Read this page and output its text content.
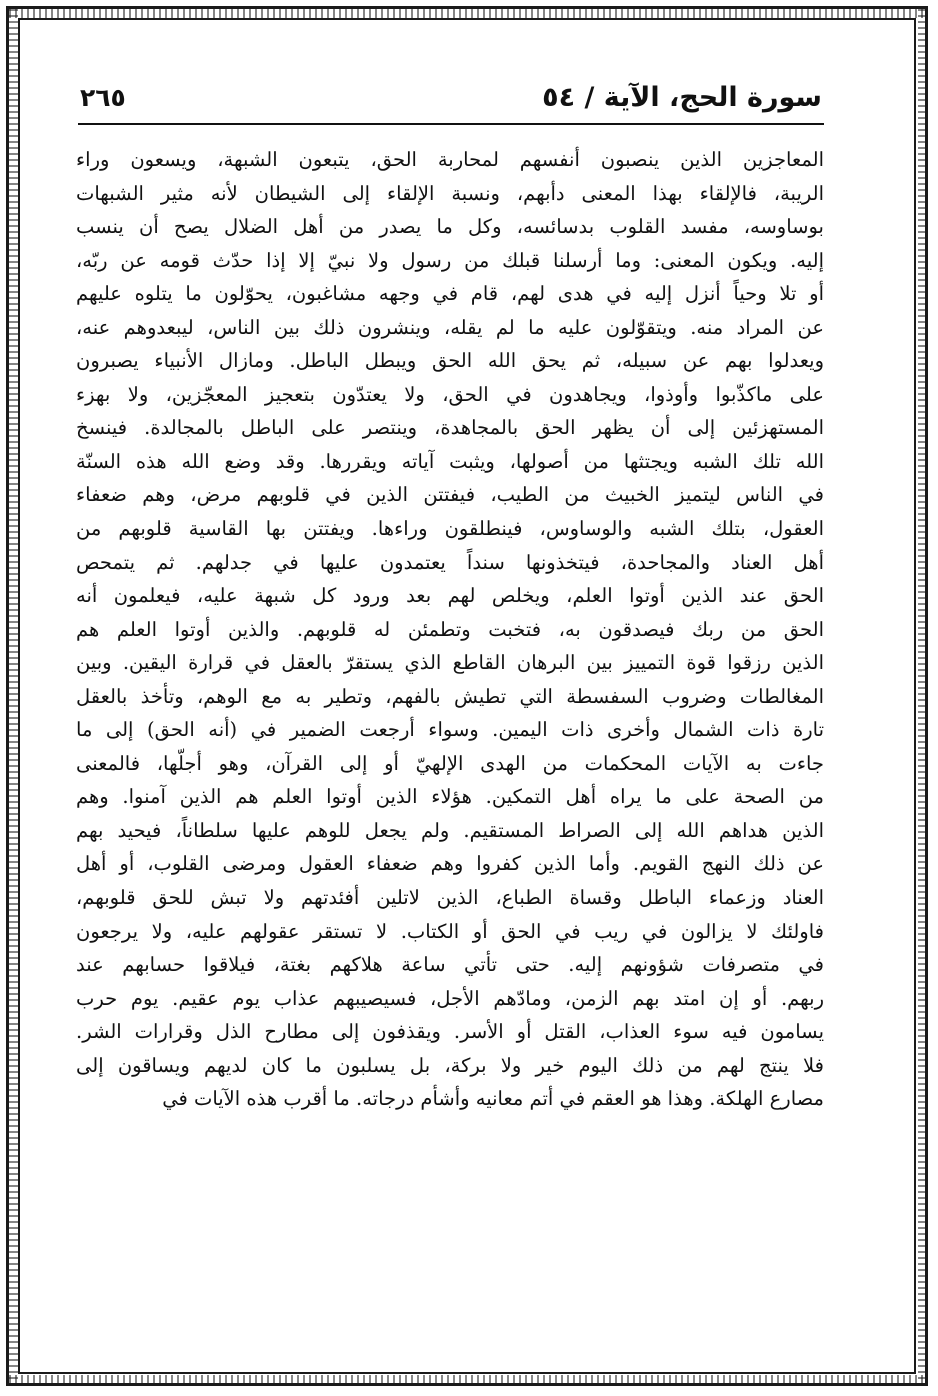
سورة الحج، الآية / ٥٤
٢٦٥
المعاجزين الذين ينصبون أنفسهم لمحاربة الحق، يتبعون الشبهة، ويسعون وراء
الريبة، فالإلقاء بهذا المعنى دأبهم، ونسبة الإلقاء إلى الشيطان لأنه مثير الشبهات
بوساوسه، مفسد القلوب بدسائسه، وكل ما يصدر من أهل الضلال يصح أن ينسب
إليه. ويكون المعنى: وما أرسلنا قبلك من رسول ولا نبيّ إلا إذا حدّث قومه عن ربّه،
أو تلا وحياً أنزل إليه في هدى لهم، قام في وجهه مشاغبون، يحوّلون ما يتلوه عليهم
عن المراد منه. ويتقوّلون عليه ما لم يقله، وينشرون ذلك بين الناس، ليبعدوهم عنه،
ويعدلوا بهم عن سبيله، ثم يحق الله الحق ويبطل الباطل. ومازال الأنبياء يصبرون
على ماكذّبوا وأوذوا، ويجاهدون في الحق، ولا يعتدّون بتعجيز المعجّزين، ولا بهزء
المستهزئين إلى أن يظهر الحق بالمجاهدة، وينتصر على الباطل بالمجالدة. فينسخ
الله تلك الشبه ويجتثها من أصولها، ويثبت آياته ويقررها. وقد وضع الله هذه السنّة
في الناس ليتميز الخبيث من الطيب، فيفتتن الذين في قلوبهم مرض، وهم ضعفاء
العقول، بتلك الشبه والوساوس، فينطلقون وراءها. ويفتتن بها القاسية قلوبهم من
أهل العناد والمجاحدة، فيتخذونها سنداً يعتمدون عليها في جدلهم. ثم يتمحص
الحق عند الذين أوتوا العلم، ويخلص لهم بعد ورود كل شبهة عليه، فيعلمون أنه
الحق من ربك فيصدقون به، فتخبت وتطمئن له قلوبهم. والذين أوتوا العلم هم
الذين رزقوا قوة التمييز بين البرهان القاطع الذي يستقرّ بالعقل في قرارة اليقين. وبين
المغالطات وضروب السفسطة التي تطيش بالفهم، وتطير به مع الوهم، وتأخذ بالعقل
تارة ذات الشمال وأخرى ذات اليمين. وسواء أرجعت الضمير في (أنه الحق) إلى ما
جاءت به الآيات المحكمات من الهدى الإلهيّ أو إلى القرآن، وهو أجلّها، فالمعنى
من الصحة على ما يراه أهل التمكين. هؤلاء الذين أوتوا العلم هم الذين آمنوا. وهم
الذين هداهم الله إلى الصراط المستقيم. ولم يجعل للوهم عليها سلطاناً، فيحيد بهم
عن ذلك النهج القويم. وأما الذين كفروا وهم ضعفاء العقول ومرضى القلوب، أو أهل
العناد وزعماء الباطل وقساة الطباع، الذين لاتلين أفئدتهم ولا تبش للحق قلوبهم،
فاولئك لا يزالون في ريب في الحق أو الكتاب. لا تستقر عقولهم عليه، ولا يرجعون
في متصرفات شؤونهم إليه. حتى تأتي ساعة هلاكهم بغتة، فيلاقوا حسابهم عند
ربهم. أو إن امتد بهم الزمن، ومادّهم الأجل، فسيصيبهم عذاب يوم عقيم. يوم حرب
يسامون فيه سوء العذاب، القتل أو الأسر. ويقذفون إلى مطارح الذل وقرارات الشر.
فلا ينتج لهم من ذلك اليوم خير ولا بركة، بل يسلبون ما كان لديهم ويساقون إلى
مصارع الهلكة. وهذا هو العقم في أتم معانيه وأشأم درجاته. ما أقرب هذه الآيات في
